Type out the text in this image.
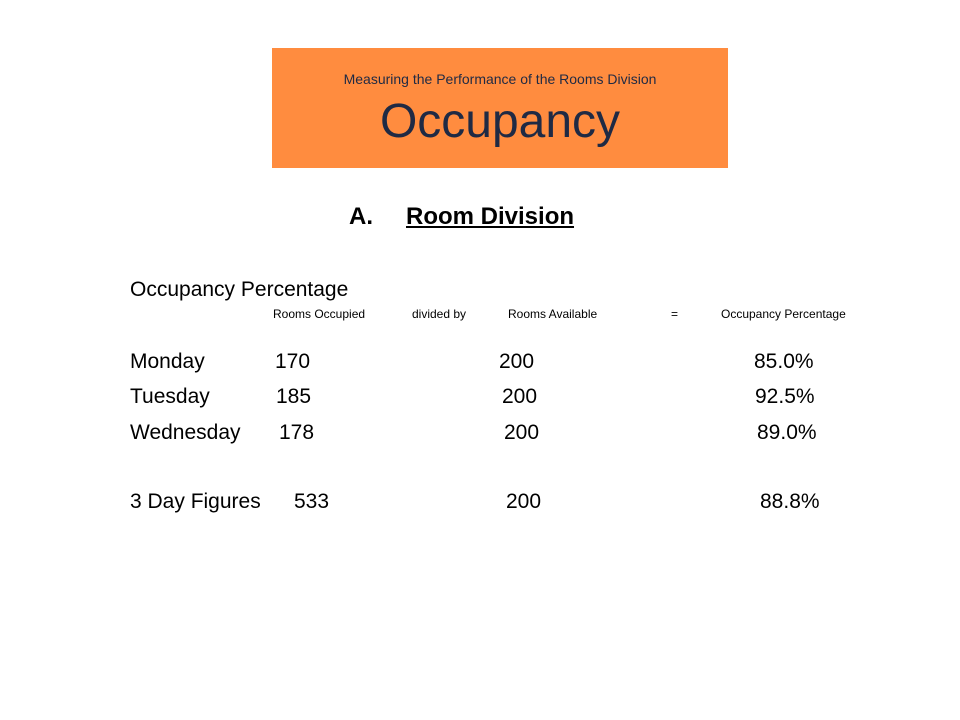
Measuring the Performance of the Rooms Division
Occupancy
A. Room Division
Occupancy Percentage
Rooms Occupied	divided by	Rooms Available	=	Occupancy Percentage
Monday	170	200	85.0%
Tuesday	185	200	92.5%
Wednesday 178	200	89.0%
3 Day Figures 533	200	88.8%
